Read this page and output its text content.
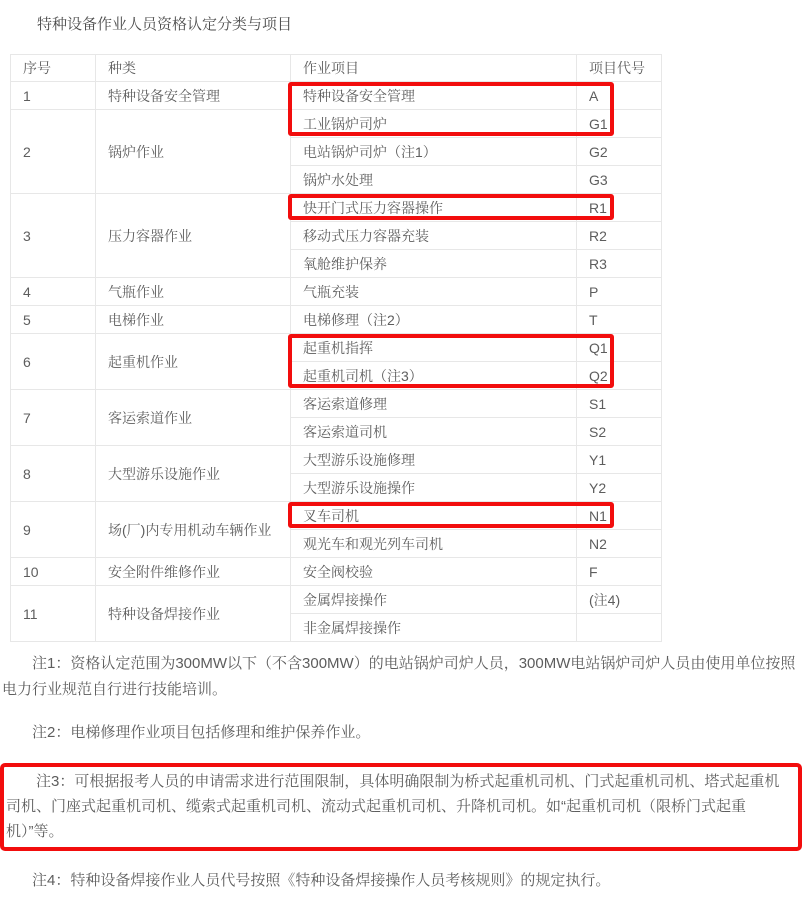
特种设备作业人员资格认定分类与项目
序号	种类	作业项目	项目代号
1	特种设备安全管理	特种设备安全管理	A
2	锅炉作业	工业锅炉司炉	G1
		电站锅炉司炉（注1）	G2
		锅炉水处理	G3
3	压力容器作业	快开门式压力容器操作	R1
		移动式压力容器充装	R2
		氧舱维护保养	R3
4	气瓶作业	气瓶充装	P
5	电梯作业	电梯修理（注2）	T
6	起重机作业	起重机指挥	Q1
		起重机司机（注3）	Q2
7	客运索道作业	客运索道修理	S1
		客运索道司机	S2
8	大型游乐设施作业	大型游乐设施修理	Y1
		大型游乐设施操作	Y2
9	场(厂)内专用机动车辆作业	叉车司机	N1
		观光车和观光列车司机	N2
10	安全附件维修作业	安全阀校验	F
11	特种设备焊接作业	金属焊接操作	(注4)
		非金属焊接操作	

注1：资格认定范围为300MW以下（不含300MW）的电站锅炉司炉人员，300MW电站锅炉司炉人员由使用单位按照电力行业规范自行进行技能培训。

注2：电梯修理作业项目包括修理和维护保养作业。

注3：可根据报考人员的申请需求进行范围限制，具体明确限制为桥式起重机司机、门式起重机司机、塔式起重机司机、门座式起重机司机、缆索式起重机司机、流动式起重机司机、升降机司机。如“起重机司机（限桥门式起重机）”等。

注4：特种设备焊接作业人员代号按照《特种设备焊接操作人员考核规则》的规定执行。
